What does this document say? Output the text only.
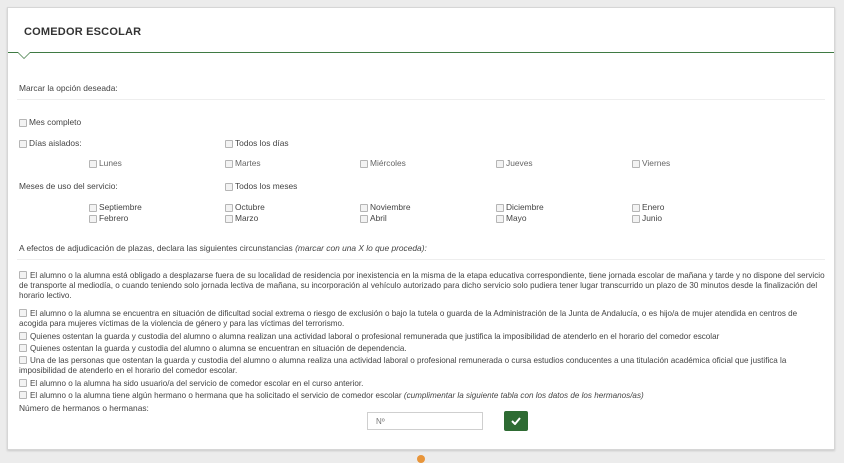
COMEDOR ESCOLAR
Marcar la opción deseada:
Mes completo
Días aislados:	Todos los días
Lunes	Martes	Miércoles	Jueves	Viernes
Meses de uso del servicio:	Todos los meses
Septiembre	Octubre	Noviembre	Diciembre	Enero
Febrero	Marzo	Abril	Mayo	Junio
A efectos de adjudicación de plazas, declara las siguientes circunstancias (marcar con una X lo que proceda):
El alumno o la alumna está obligado a desplazarse fuera de su localidad de residencia por inexistencia en la misma de la etapa educativa correspondiente, tiene jornada escolar de mañana y tarde y no dispone del servicio de transporte al mediodía, o cuando teniendo solo jornada lectiva de mañana, su incorporación al vehículo autorizado para dicho servicio solo pudiera tener lugar transcurrido un plazo de 30 minutos desde la finalización del horario lectivo.
El alumno o la alumna se encuentra en situación de dificultad social extrema o riesgo de exclusión o bajo la tutela o guarda de la Administración de la Junta de Andalucía, o es hijo/a de mujer atendida en centros de acogida para mujeres víctimas de la violencia de género y para las víctimas del terrorismo.
Quienes ostentan la guarda y custodia del alumno o alumna realizan una actividad laboral o profesional remunerada que justifica la imposibilidad de atenderlo en el horario del comedor escolar
Quienes ostentan la guarda y custodia del alumno o alumna se encuentran en situación de dependencia.
Una de las personas que ostentan la guarda y custodia del alumno o alumna realiza una actividad laboral o profesional remunerada o cursa estudios conducentes a una titulación académica oficial que justifica la imposibilidad de atenderlo en el horario del comedor escolar.
El alumno o la alumna ha sido usuario/a del servicio de comedor escolar en el curso anterior.
El alumno o la alumna tiene algún hermano o hermana que ha solicitado el servicio de comedor escolar (cumplimentar la siguiente tabla con los datos de los hermanos/as)
Número de hermanos o hermanas:
Nº
